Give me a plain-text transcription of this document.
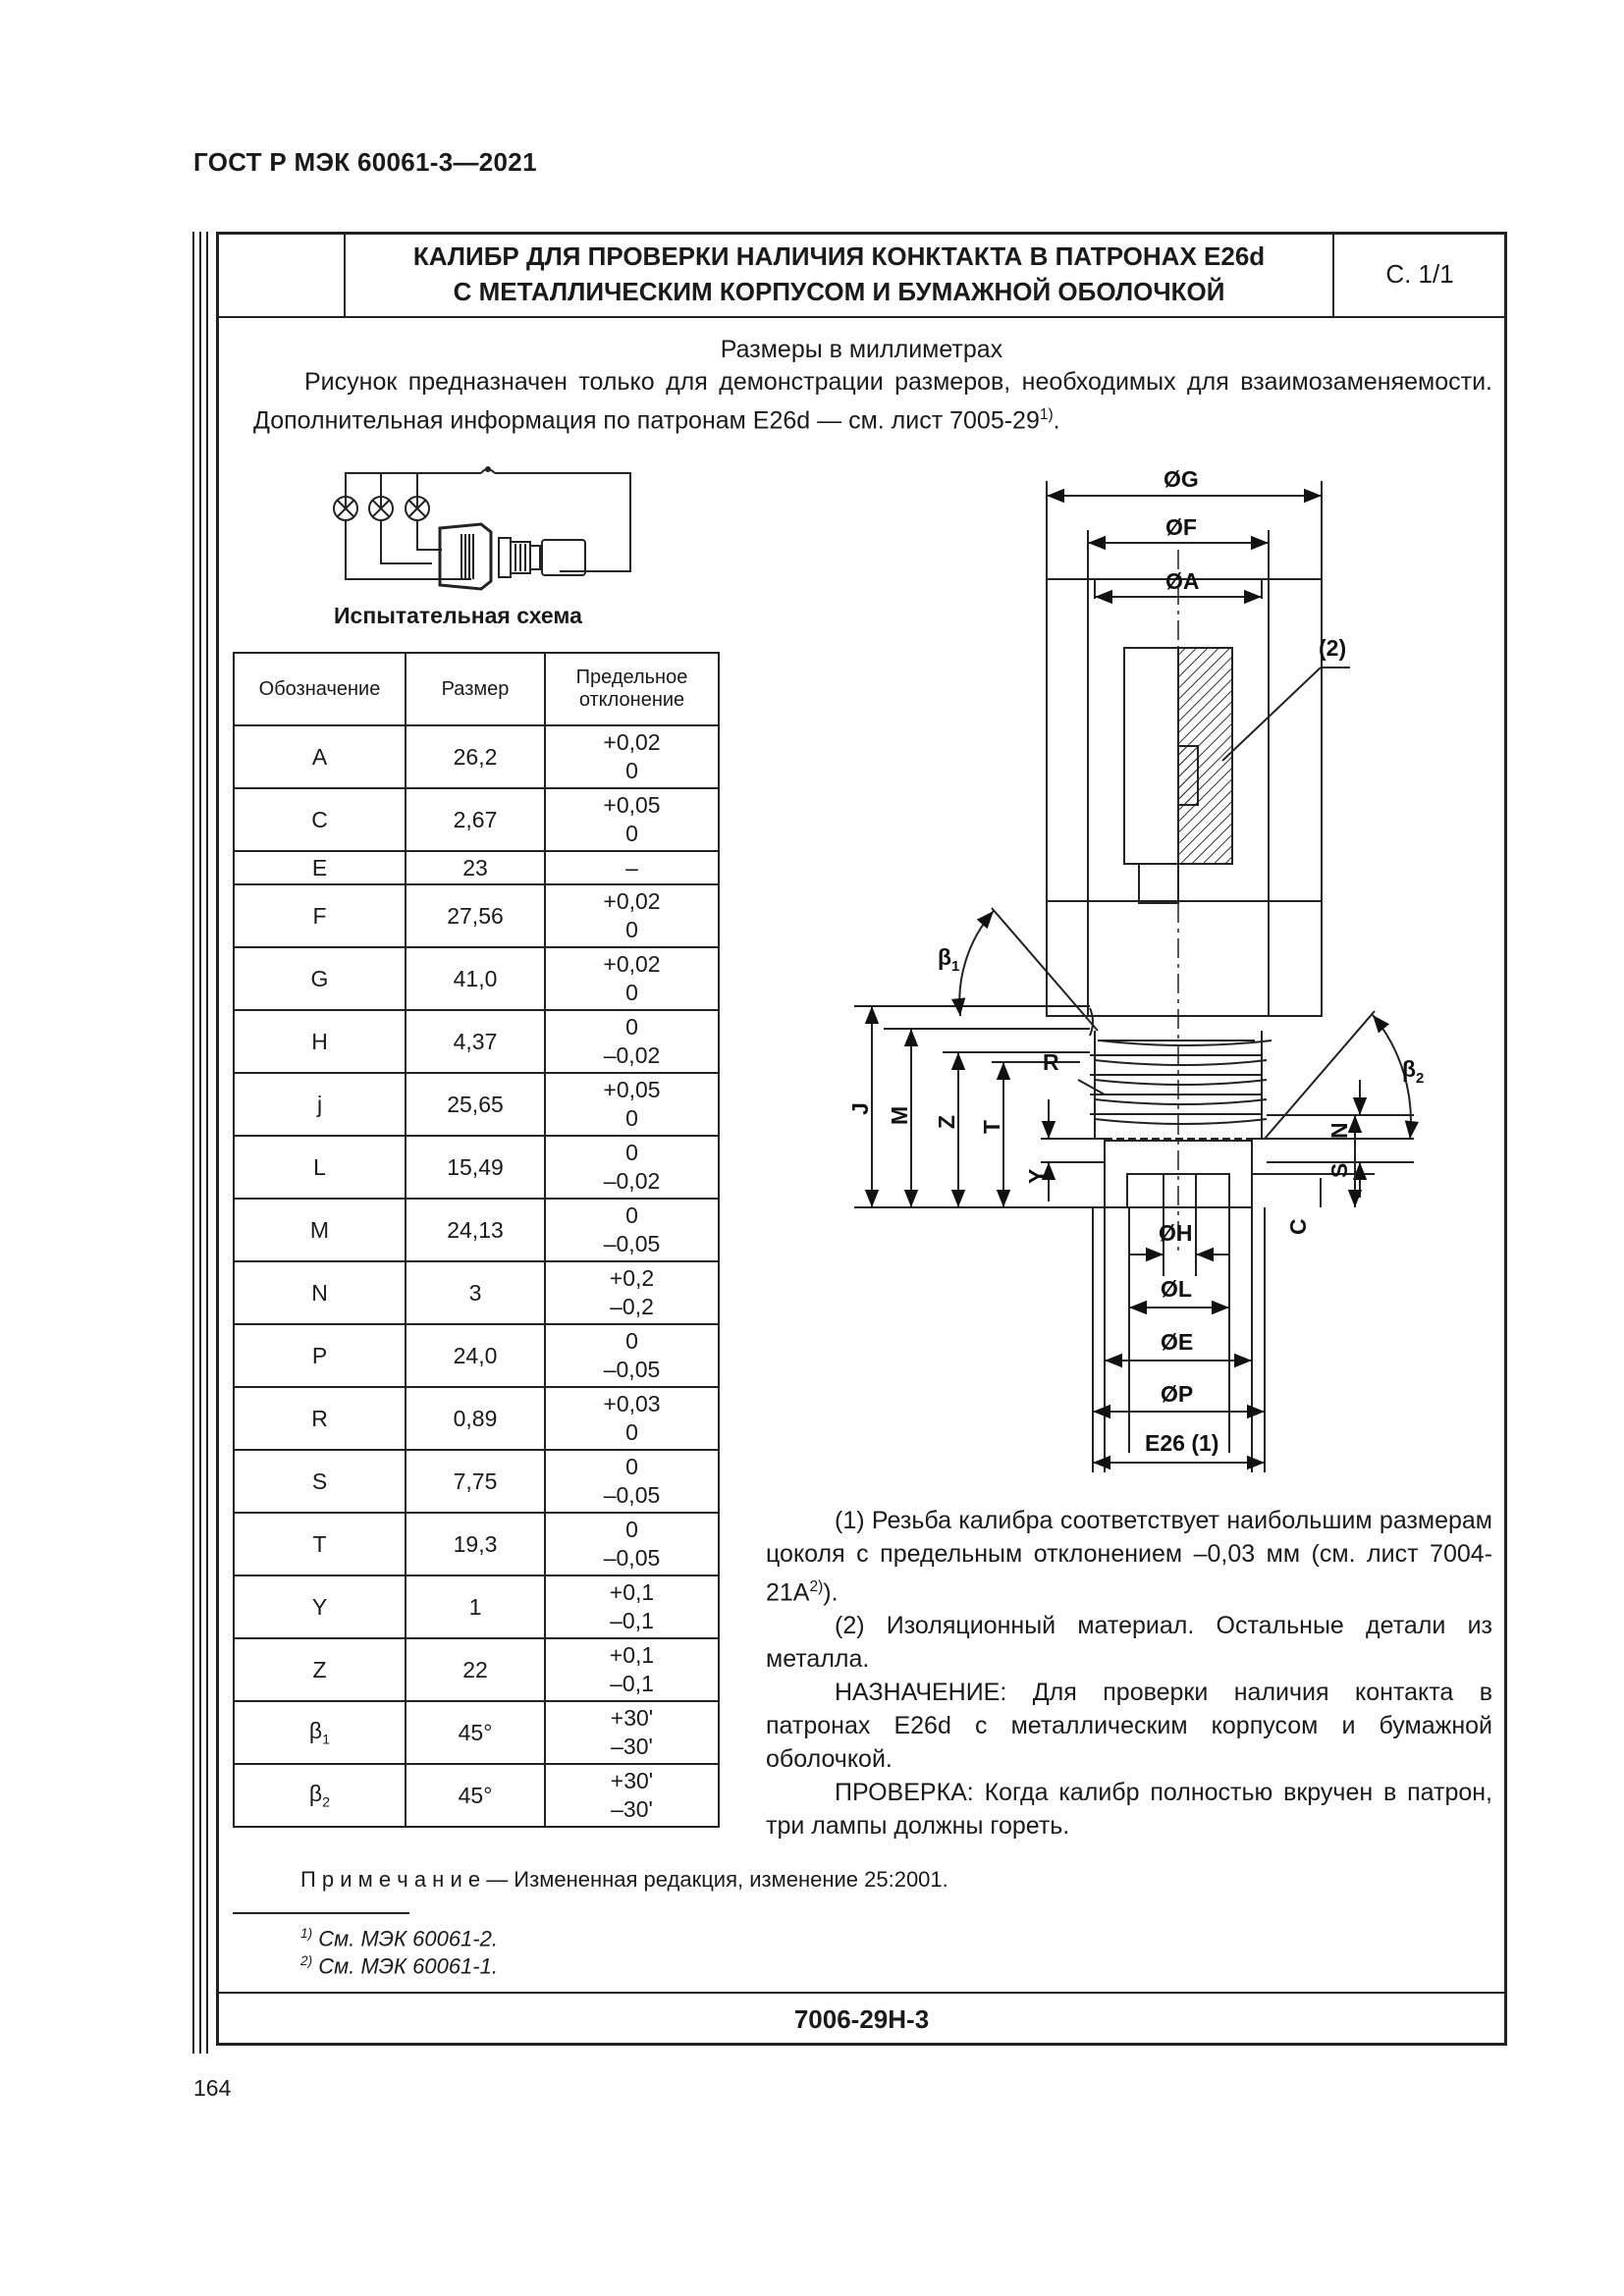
ГОСТ Р МЭК 60061-3—2021
КАЛИБР ДЛЯ ПРОВЕРКИ НАЛИЧИЯ КОНКТАКТА В ПАТРОНАХ E26d
С МЕТАЛЛИЧЕСКИМ КОРПУСОМ И БУМАЖНОЙ ОБОЛОЧКОЙ
С. 1/1
Размеры в миллиметрах
Рисунок предназначен только для демонстрации размеров, необходимых для взаимозаменяемости. Дополнительная информация по патронам E26d — см. лист 7005-29$^{1)}$.
Испытательная схема
Обозначение	Размер	Предельное отклонение
A	26,2	+0,02
0

C	2,67	+0,05
0

E	23	–
F	27,56	+0,02
0

G	41,0	+0,02
0

H	4,37	0
–0,02

j	25,65	+0,05
0

L	15,49	0
–0,02

M	24,13	0
–0,05

N	3	+0,2
–0,2

P	24,0	0
–0,05

R	0,89	+0,03
0

S	7,75	0
–0,05

T	19,3	0
–0,05

Y	1	+0,1
–0,1

Z	22	+0,1
–0,1

$\beta_1$	45°	+30'
–30'

$\beta_2$	45°	+30'
–30'
ØG
ØF
ØA
(2)
$\beta_1$
$\beta_2$
R
J M Z T
Y
N
S
C
ØH
ØL
ØE
ØP
E26 (1)

(1) Резьба калибра соответствует наибольшим размерам цоколя с предельным отклонением –0,03 мм (см. лист $7004-21A^{2)}$).

(2) Изоляционный материал. Остальные детали из металла.

НАЗНАЧЕНИЕ: Для проверки наличия контакта в патронах E26d с металлическим корпусом и бумажной оболочкой.

ПРОВЕРКА: Когда калибр полностью вкручен в патрон, три лампы должны гореть.

П р и м е ч а н и е — Измененная редакция, изменение 25:2001.
$^{1)}$ См. МЭК 60061-2.
$^{2)}$ См. МЭК 60061-1.
7006-29H-3
164
